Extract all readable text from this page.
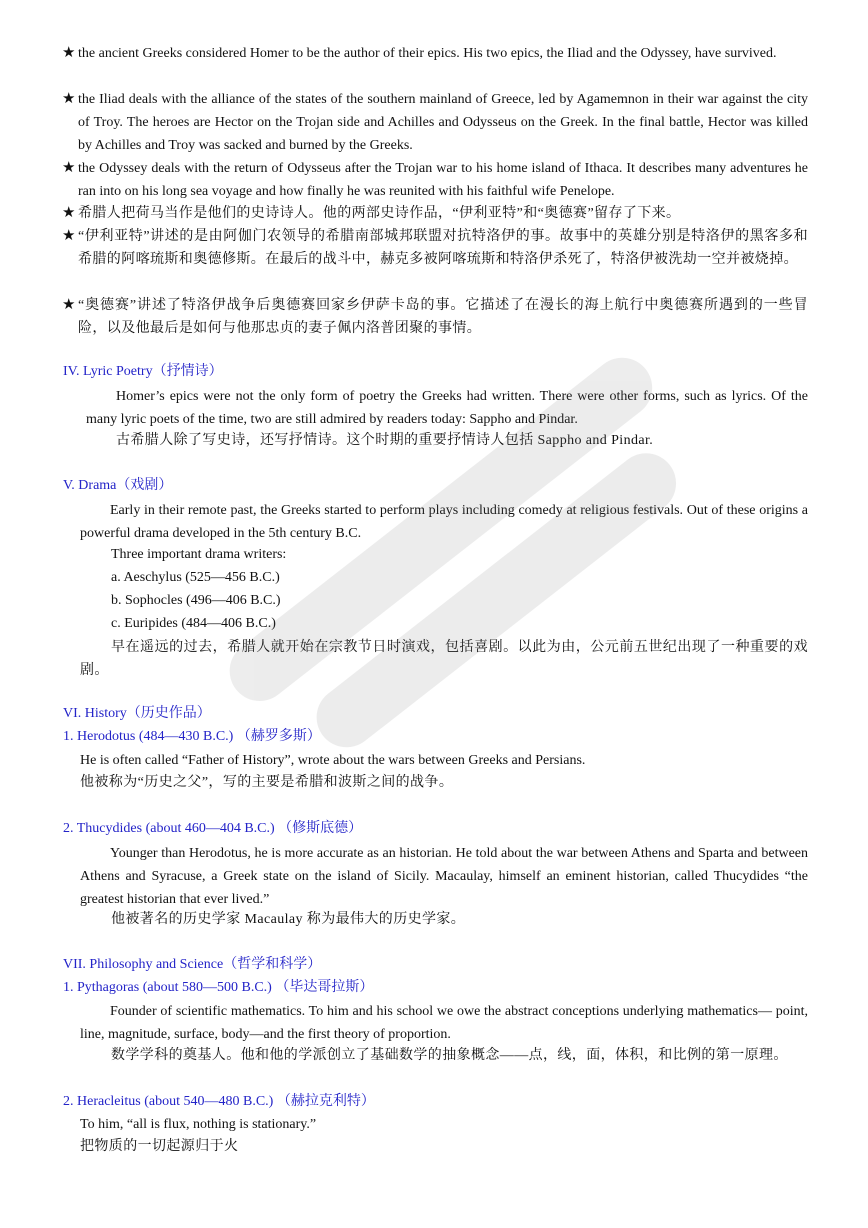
★ the ancient Greeks considered Homer to be the author of their epics. His two epics, the Iliad and the Odyssey, have survived.

★ the Iliad deals with the alliance of the states of the southern mainland of Greece, led by Agamemnon in their war against the city of Troy. The heroes are Hector on the Trojan side and Achilles and Odysseus on the Greek. In the final battle, Hector was killed by Achilles and Troy was sacked and burned by the Greeks.

★ the Odyssey deals with the return of Odysseus after the Trojan war to his home island of Ithaca. It describes many adventures he ran into on his long sea voyage and how finally he was reunited with his faithful wife Penelope.

★ 希腊人把荷马当作是他们的史诗诗人。他的两部史诗作品，“伊利亚特”和“奥德赛”留存了下来。

★ “伊利亚特”讲述的是由阿伽门农领导的希腊南部城邦联盟对抗特洛伊的事。故事中的英雄分别是特洛伊的黑客多和希腊的阿喀琉斯和奥德修斯。在最后的战斗中，赫克多被阿喀琉斯和特洛伊杀死了，特洛伊被洗劫一空并被烧掉。

★ “奥德赛”讲述了特洛伊战争后奥德赛回家乡伊萨卡岛的事。它描述了在漫长的海上航行中奥德赛所遇到的一些冒险，以及他最后是如何与他那忠贞的妻子佩内洛普团聚的事情。

IV. Lyric Poetry（抒情诗）

Homer’s epics were not the only form of poetry the Greeks had written. There were other forms, such as lyrics. Of the many lyric poets of the time, two are still admired by readers today: Sappho and Pindar.

古希腊人除了写史诗，还写抒情诗。这个时期的重要抒情诗人包括 Sappho and Pindar.

V. Drama（戏剧）

Early in their remote past, the Greeks started to perform plays including comedy at religious festivals. Out of these origins a powerful drama developed in the 5th century B.C.

Three important drama writers:

a. Aeschylus (525—456 B.C.)

b. Sophocles (496—406 B.C.)

c. Euripides (484—406 B.C.)

早在遥远的过去，希腊人就开始在宗教节日时演戏，包括喜剧。以此为由，公元前五世纪出现了一种重要的戏剧。

VI. History（历史作品）

1. Herodotus (484—430 B.C.) （赫罗多斯）

He is often called “Father of History”, wrote about the wars between Greeks and Persians.

他被称为“历史之父”，写的主要是希腊和波斯之间的战争。

2. Thucydides (about 460—404 B.C.) （修斯底德）

Younger than Herodotus, he is more accurate as an historian. He told about the war between Athens and Sparta and between Athens and Syracuse, a Greek state on the island of Sicily. Macaulay, himself an eminent historian, called Thucydides “the greatest historian that ever lived.”

他被著名的历史学家 Macaulay 称为最伟大的历史学家。

VII. Philosophy and Science（哲学和科学）

1. Pythagoras (about 580—500 B.C.) （毕达哥拉斯）

Founder of scientific mathematics. To him and his school we owe the abstract conceptions underlying mathematics— point, line, magnitude, surface, body—and the first theory of proportion.

数学学科的奠基人。他和他的学派创立了基础数学的抽象概念——点，线，面，体积，和比例的第一原理。

2. Heracleitus (about 540—480 B.C.) （赫拉克利特）

To him, “all is flux, nothing is stationary.”

把物质的一切起源归于火
